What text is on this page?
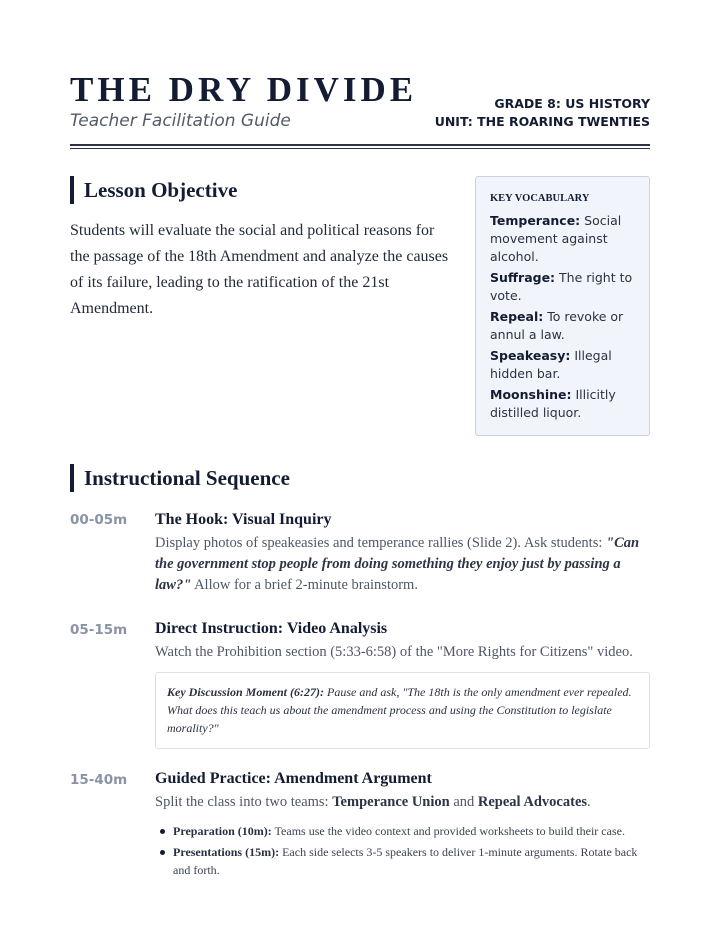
THE DRY DIVIDE
Teacher Facilitation Guide
GRADE 8: US HISTORY
UNIT: THE ROARING TWENTIES
Lesson Objective
Students will evaluate the social and political reasons for the passage of the 18th Amendment and analyze the causes of its failure, leading to the ratification of the 21st Amendment.
KEY VOCABULARY
Temperance: Social movement against alcohol.
Suffrage: The right to vote.
Repeal: To revoke or annul a law.
Speakeasy: Illegal hidden bar.
Moonshine: Illicitly distilled liquor.
Instructional Sequence
00-05m The Hook: Visual Inquiry
Display photos of speakeasies and temperance rallies (Slide 2). Ask students: "Can the government stop people from doing something they enjoy just by passing a law?" Allow for a brief 2-minute brainstorm.
05-15m Direct Instruction: Video Analysis
Watch the Prohibition section (5:33-6:58) of the "More Rights for Citizens" video.
Key Discussion Moment (6:27): Pause and ask, "The 18th is the only amendment ever repealed. What does this teach us about the amendment process and using the Constitution to legislate morality?"
15-40m Guided Practice: Amendment Argument
Split the class into two teams: Temperance Union and Repeal Advocates.
Preparation (10m): Teams use the video context and provided worksheets to build their case.
Presentations (15m): Each side selects 3-5 speakers to deliver 1-minute arguments. Rotate back and forth.
